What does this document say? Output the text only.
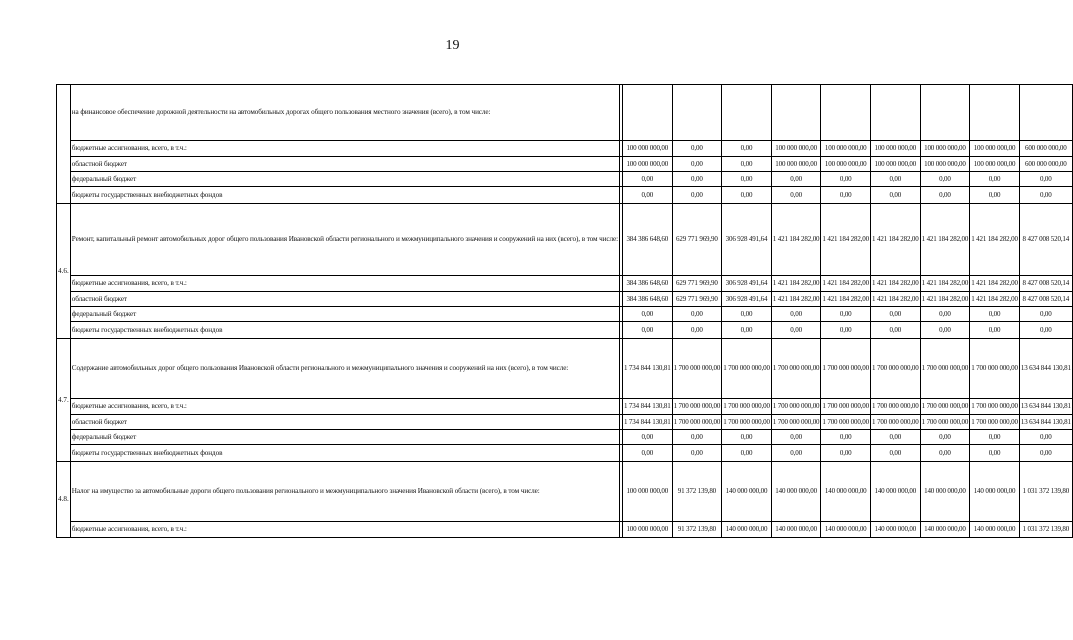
19
	на финансовое обеспечение дорожной деятельности на автомобильных дорогах общего пользования местного значения (всего), в том числе:										
	бюджетные ассигнования, всего, в т.ч.:		100 000 000,00	0,00	0,00	100 000 000,00	100 000 000,00	100 000 000,00	100 000 000,00	100 000 000,00	600 000 000,00
	областной бюджет		100 000 000,00	0,00	0,00	100 000 000,00	100 000 000,00	100 000 000,00	100 000 000,00	100 000 000,00	600 000 000,00
	федеральный бюджет		0,00	0,00	0,00	0,00	0,00	0,00	0,00	0,00	0,00
	бюджеты государственных внебюджетных фондов		0,00	0,00	0,00	0,00	0,00	0,00	0,00	0,00	0,00
4.6.	Ремонт, капитальный ремонт автомобильных дорог общего пользования Ивановской области регионального и межмуниципального значения и сооружений на них (всего), в том числе:		384 386 648,60	629 771 969,90	306 928 491,64	1 421 184 282,00	1 421 184 282,00	1 421 184 282,00	1 421 184 282,00	1 421 184 282,00	8 427 008 520,14
	бюджетные ассигнования, всего, в т.ч.:		384 386 648,60	629 771 969,90	306 928 491,64	1 421 184 282,00	1 421 184 282,00	1 421 184 282,00	1 421 184 282,00	1 421 184 282,00	8 427 008 520,14
	областной бюджет		384 386 648,60	629 771 969,90	306 928 491,64	1 421 184 282,00	1 421 184 282,00	1 421 184 282,00	1 421 184 282,00	1 421 184 282,00	8 427 008 520,14
	федеральный бюджет		0,00	0,00	0,00	0,00	0,00	0,00	0,00	0,00	0,00
	бюджеты государственных внебюджетных фондов		0,00	0,00	0,00	0,00	0,00	0,00	0,00	0,00	0,00
4.7.	Содержание автомобильных дорог общего пользования Ивановской области регионального и межмуниципального значения и сооружений на них (всего), в том числе:		1 734 844 130,81	1 700 000 000,00	1 700 000 000,00	1 700 000 000,00	1 700 000 000,00	1 700 000 000,00	1 700 000 000,00	1 700 000 000,00	13 634 844 130,81
	бюджетные ассигнования, всего, в т.ч.:		1 734 844 130,81	1 700 000 000,00	1 700 000 000,00	1 700 000 000,00	1 700 000 000,00	1 700 000 000,00	1 700 000 000,00	1 700 000 000,00	13 634 844 130,81
	областной бюджет		1 734 844 130,81	1 700 000 000,00	1 700 000 000,00	1 700 000 000,00	1 700 000 000,00	1 700 000 000,00	1 700 000 000,00	1 700 000 000,00	13 634 844 130,81
	федеральный бюджет		0,00	0,00	0,00	0,00	0,00	0,00	0,00	0,00	0,00
	бюджеты государственных внебюджетных фондов		0,00	0,00	0,00	0,00	0,00	0,00	0,00	0,00	0,00
4.8.	Налог на имущество за автомобильные дороги общего пользования регионального и межмуниципального значения Ивановской области (всего), в том числе:		100 000 000,00	91 372 139,80	140 000 000,00	140 000 000,00	140 000 000,00	140 000 000,00	140 000 000,00	140 000 000,00	1 031 372 139,80
	бюджетные ассигнования, всего, в т.ч.:		100 000 000,00	91 372 139,80	140 000 000,00	140 000 000,00	140 000 000,00	140 000 000,00	140 000 000,00	140 000 000,00	1 031 372 139,80
